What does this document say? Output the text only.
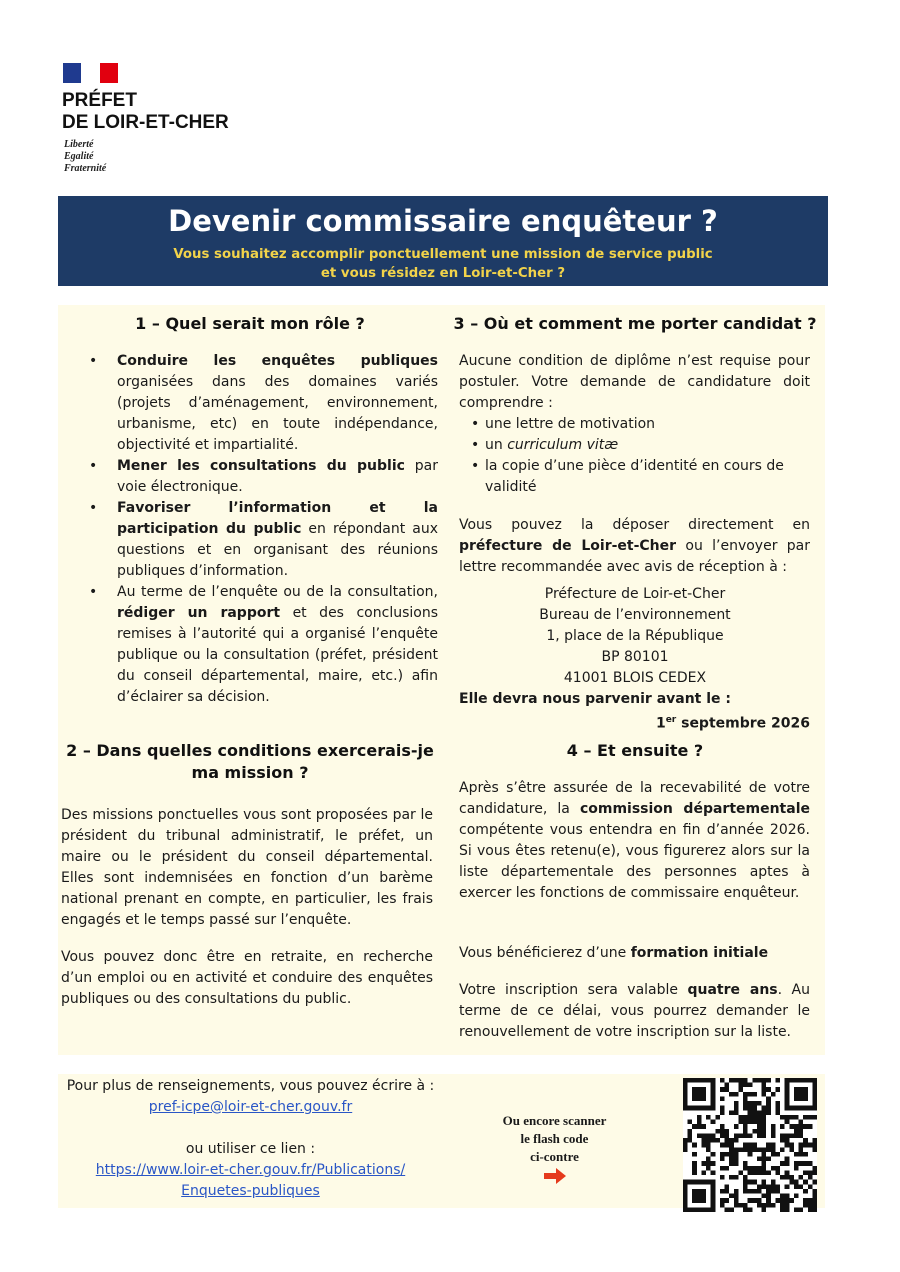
PRÉFET
DE LOIR-ET-CHER
Liberté
Egalité
Fraternité
Devenir commissaire enquêteur ?
Vous souhaitez accomplir ponctuellement une mission de service public
et vous résidez en Loir-et-Cher ?
1 – Quel serait mon rôle ?
• Conduire les enquêtes publiques organisées dans des domaines variés (projets d’aménagement, environnement, urbanisme, etc) en toute indépendance, objectivité et impartialité.
• Mener les consultations du public par voie électronique.
• Favoriser l’information et la participation du public en répondant aux questions et en organisant des réunions publiques d’information.
• Au terme de l’enquête ou de la consultation, rédiger un rapport et des conclusions remises à l’autorité qui a organisé l’enquête publique ou la consultation (préfet, président du conseil départemental, maire, etc.) afin d’éclairer sa décision.
2 – Dans quelles conditions exercerais-je
ma mission ?
Des missions ponctuelles vous sont proposées par le président du tribunal administratif, le préfet, un maire ou le président du conseil départemental. Elles sont indemnisées en fonction d’un barème national prenant en compte, en particulier, les frais engagés et le temps passé sur l’enquête.
Vous pouvez donc être en retraite, en recherche d’un emploi ou en activité et conduire des enquêtes publiques ou des consultations du public.
3 – Où et comment me porter candidat ?
Aucune condition de diplôme n’est requise pour postuler. Votre demande de candidature doit comprendre :
• une lettre de motivation
• un curriculum vitæ
• la copie d’une pièce d’identité en cours de validité
Vous pouvez la déposer directement en préfecture de Loir-et-Cher ou l’envoyer par lettre recommandée avec avis de réception à :
Préfecture de Loir-et-Cher
Bureau de l’environnement
1, place de la République
BP 80101
41001 BLOIS CEDEX
Elle devra nous parvenir avant le :
1er septembre 2026
4 – Et ensuite ?
Après s’être assurée de la recevabilité de votre candidature, la commission départementale compétente vous entendra en fin d’année 2026. Si vous êtes retenu(e), vous figurerez alors sur la liste départementale des personnes aptes à exercer les fonctions de commissaire enquêteur.
Vous bénéficierez d’une formation initiale
Votre inscription sera valable quatre ans. Au terme de ce délai, vous pourrez demander le renouvellement de votre inscription sur la liste.
Pour plus de renseignements, vous pouvez écrire à :
pref-icpe@loir-et-cher.gouv.fr
ou utiliser ce lien :
https://www.loir-et-cher.gouv.fr/Publications/
Enquetes-publiques
Ou encore scanner
le flash code
ci-contre
